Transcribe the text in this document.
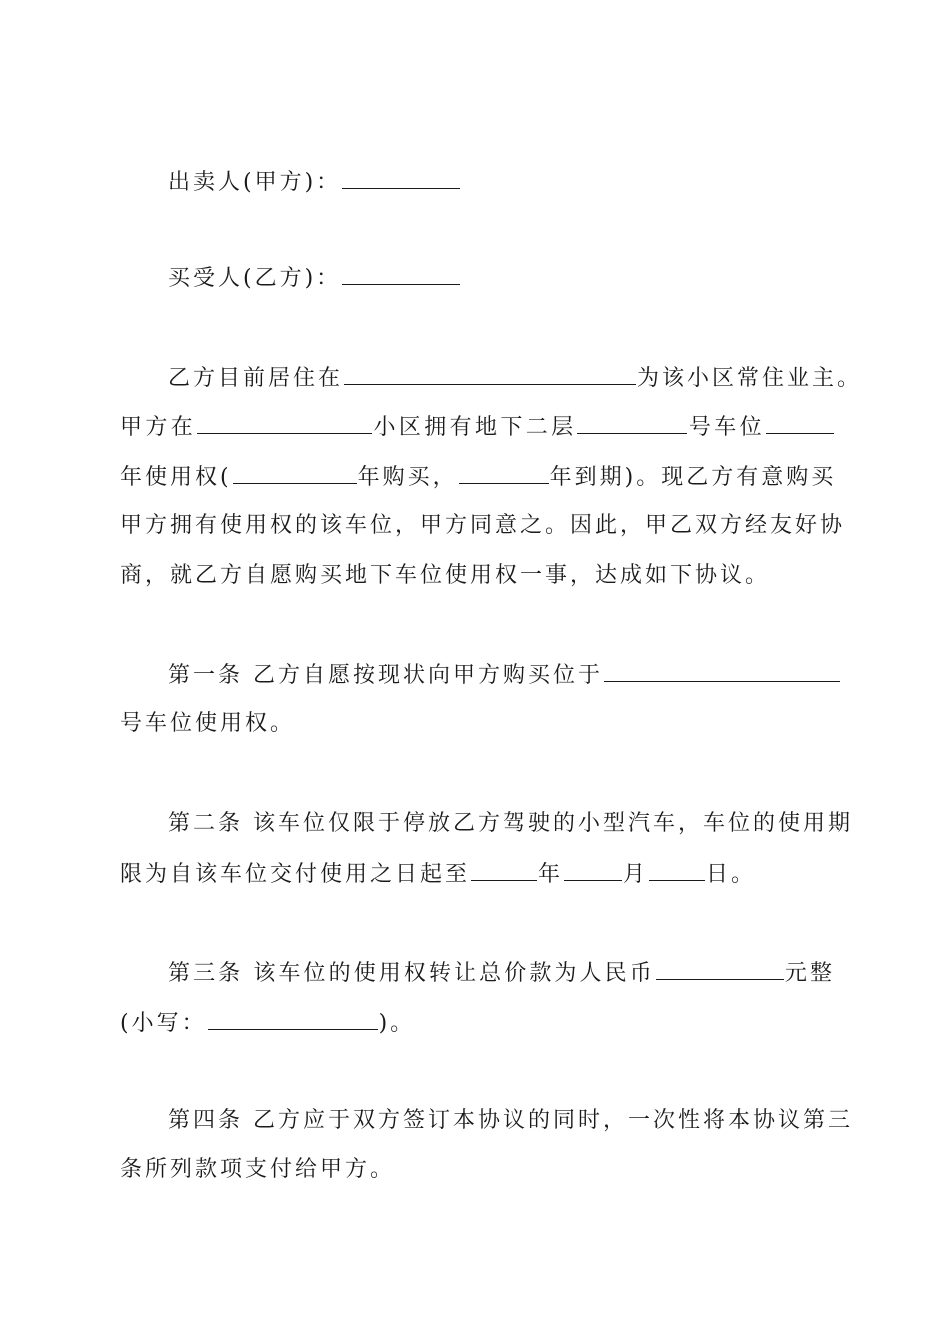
出卖人(甲方)：
买受人(乙方)：
乙方目前居住在	为该小区常住业主。
甲方在	小区拥有地下二层	号车位
年使用权(	年购买，	年到期)。现乙方有意购买
甲方拥有使用权的该车位，甲方同意之。因此，甲乙双方经友好协
商，就乙方自愿购买地下车位使用权一事，达成如下协议。
第一条 乙方自愿按现状向甲方购买位于
号车位使用权。
第二条 该车位仅限于停放乙方驾驶的小型汽车，车位的使用期
限为自该车位交付使用之日起至	年	月	日。
第三条 该车位的使用权转让总价款为人民币	元整
(小写：	)。
第四条 乙方应于双方签订本协议的同时，一次性将本协议第三
条所列款项支付给甲方。
